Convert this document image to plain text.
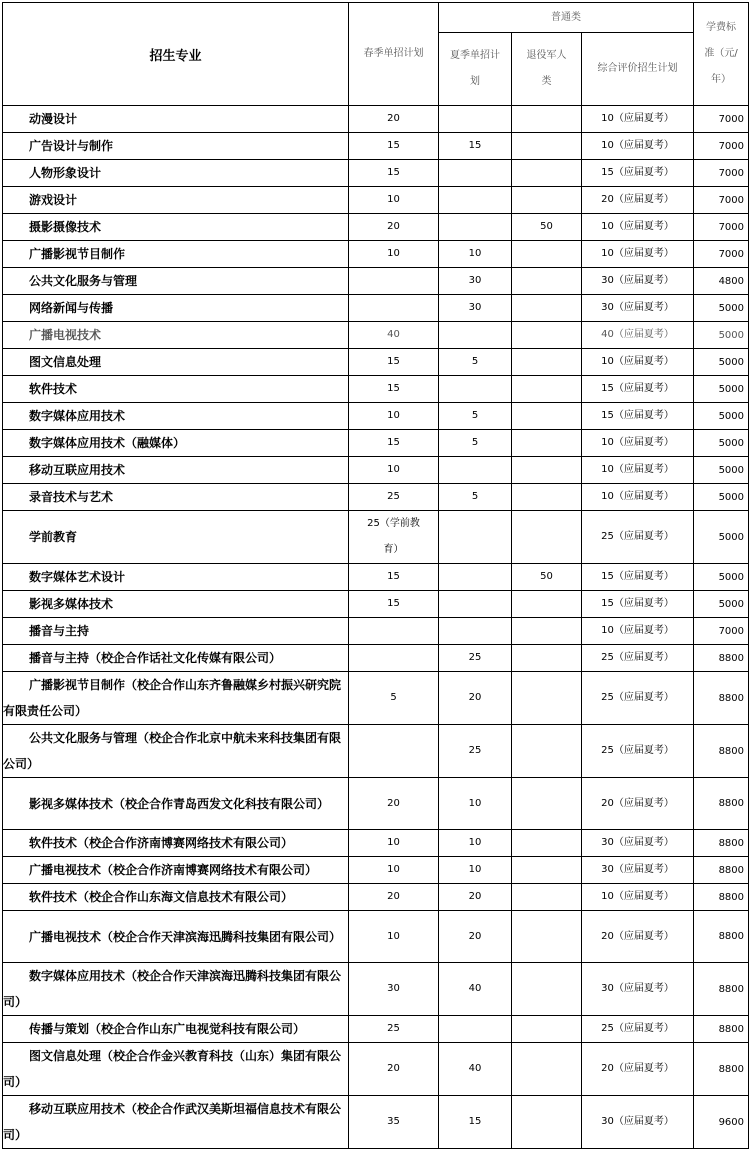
招生专业	春季单招计划	普通类			学费标准（元/年）
		夏季单招计划	退役军人类	综合评价招生计划	
动漫设计	20			10（应届夏考）	7000
广告设计与制作	15	15		10（应届夏考）	7000
人物形象设计	15			15（应届夏考）	7000
游戏设计	10			20（应届夏考）	7000
摄影摄像技术	20		50	10（应届夏考）	7000
广播影视节目制作	10	10		10（应届夏考）	7000
公共文化服务与管理		30		30（应届夏考）	4800
网络新闻与传播		30		30（应届夏考）	5000
广播电视技术	40			40（应届夏考）	5000
图文信息处理	15	5		10（应届夏考）	5000
软件技术	15			15（应届夏考）	5000
数字媒体应用技术	10	5		15（应届夏考）	5000
数字媒体应用技术（融媒体）	15	5		10（应届夏考）	5000
移动互联应用技术	10			10（应届夏考）	5000
录音技术与艺术	25	5		10（应届夏考）	5000
学前教育	25（学前教育）			25（应届夏考）	5000
数字媒体艺术设计	15		50	15（应届夏考）	5000
影视多媒体技术	15			15（应届夏考）	5000
播音与主持				10（应届夏考）	7000
播音与主持（校企合作话社文化传媒有限公司）		25		25（应届夏考）	8800
广播影视节目制作（校企合作山东齐鲁融媒乡村振兴研究院有限责任公司）	5	20		25（应届夏考）	8800
公共文化服务与管理（校企合作北京中航未来科技集团有限公司）		25		25（应届夏考）	8800
影视多媒体技术（校企合作青岛西发文化科技有限公司）	20	10		20（应届夏考）	8800
软件技术（校企合作济南博赛网络技术有限公司）	10	10		30（应届夏考）	8800
广播电视技术（校企合作济南博赛网络技术有限公司）	10	10		30（应届夏考）	8800
软件技术（校企合作山东海文信息技术有限公司）	20	20		10（应届夏考）	8800
广播电视技术（校企合作天津滨海迅腾科技集团有限公司）	10	20		20（应届夏考）	8800
数字媒体应用技术（校企合作天津滨海迅腾科技集团有限公司）	30	40		30（应届夏考）	8800
传播与策划（校企合作山东广电视觉科技有限公司）	25			25（应届夏考）	8800
图文信息处理（校企合作金兴教育科技（山东）集团有限公司）	20	40		20（应届夏考）	8800
移动互联应用技术（校企合作武汉美斯坦福信息技术有限公司）	35	15		30（应届夏考）	9600
